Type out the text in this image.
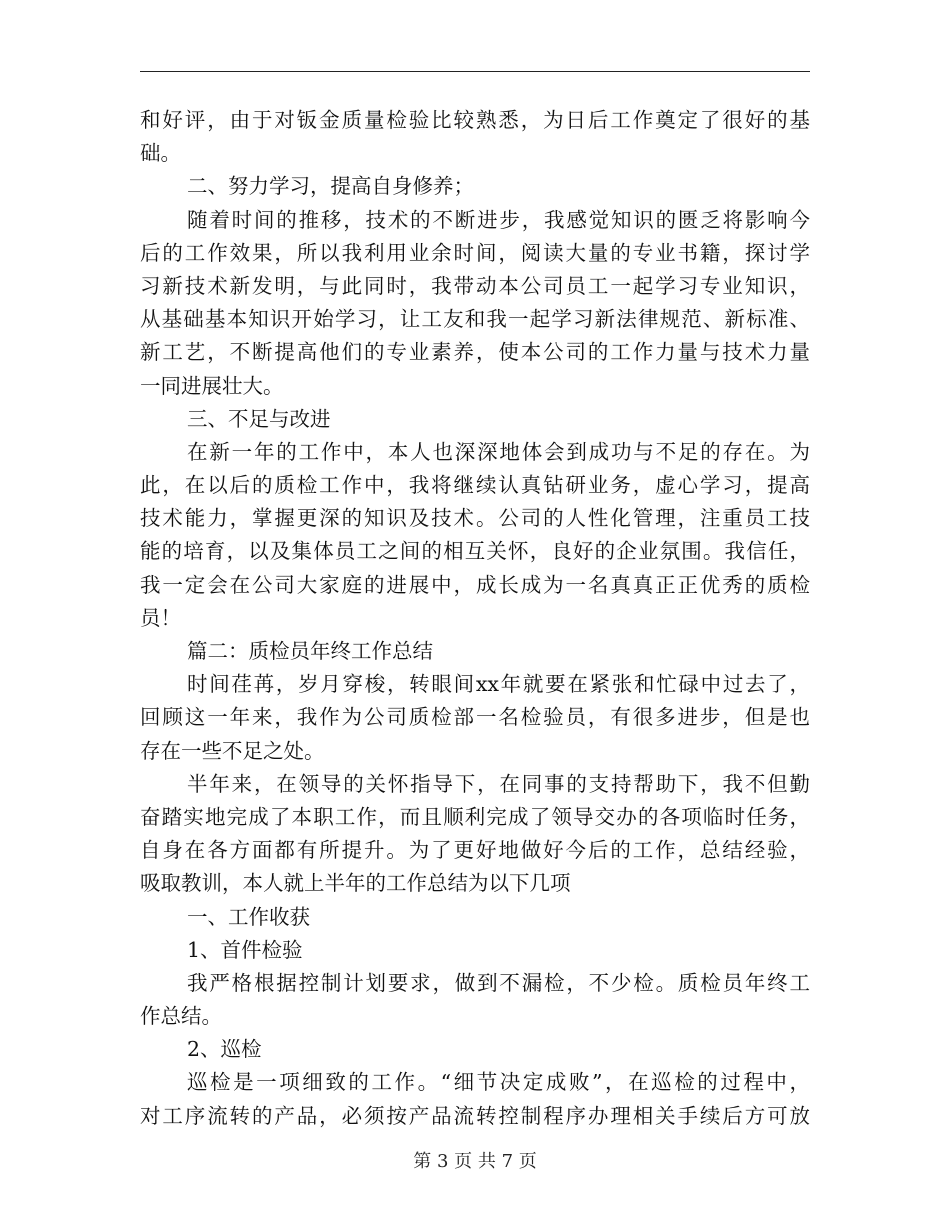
和好评，由于对钣金质量检验比较熟悉，为日后工作奠定了很好的基
础。
二、努力学习，提高自身修养；
随着时间的推移，技术的不断进步，我感觉知识的匮乏将影响今
后的工作效果，所以我利用业余时间，阅读大量的专业书籍，探讨学
习新技术新发明，与此同时，我带动本公司员工一起学习专业知识，
从基础基本知识开始学习，让工友和我一起学习新法律规范、新标准、
新工艺，不断提高他们的专业素养，使本公司的工作力量与技术力量
一同进展壮大。
三、不足与改进
在新一年的工作中，本人也深深地体会到成功与不足的存在。为
此，在以后的质检工作中，我将继续认真钻研业务，虚心学习，提高
技术能力，掌握更深的知识及技术。公司的人性化管理，注重员工技
能的培育，以及集体员工之间的相互关怀，良好的企业氛围。我信任，
我一定会在公司大家庭的进展中，成长成为一名真真正正优秀的质检
员！
篇二：质检员年终工作总结
时间荏苒，岁月穿梭，转眼间xx年就要在紧张和忙碌中过去了，
回顾这一年来，我作为公司质检部一名检验员，有很多进步，但是也
存在一些不足之处。
半年来，在领导的关怀指导下，在同事的支持帮助下，我不但勤
奋踏实地完成了本职工作，而且顺利完成了领导交办的各项临时任务，
自身在各方面都有所提升。为了更好地做好今后的工作，总结经验，
吸取教训，本人就上半年的工作总结为以下几项
一、工作收获
1、首件检验
我严格根据控制计划要求，做到不漏检，不少检。质检员年终工
作总结。
2、巡检
巡检是一项细致的工作。“细节决定成败”，在巡检的过程中，
对工序流转的产品，必须按产品流转控制程序办理相关手续后方可放
第 3 页 共 7 页
